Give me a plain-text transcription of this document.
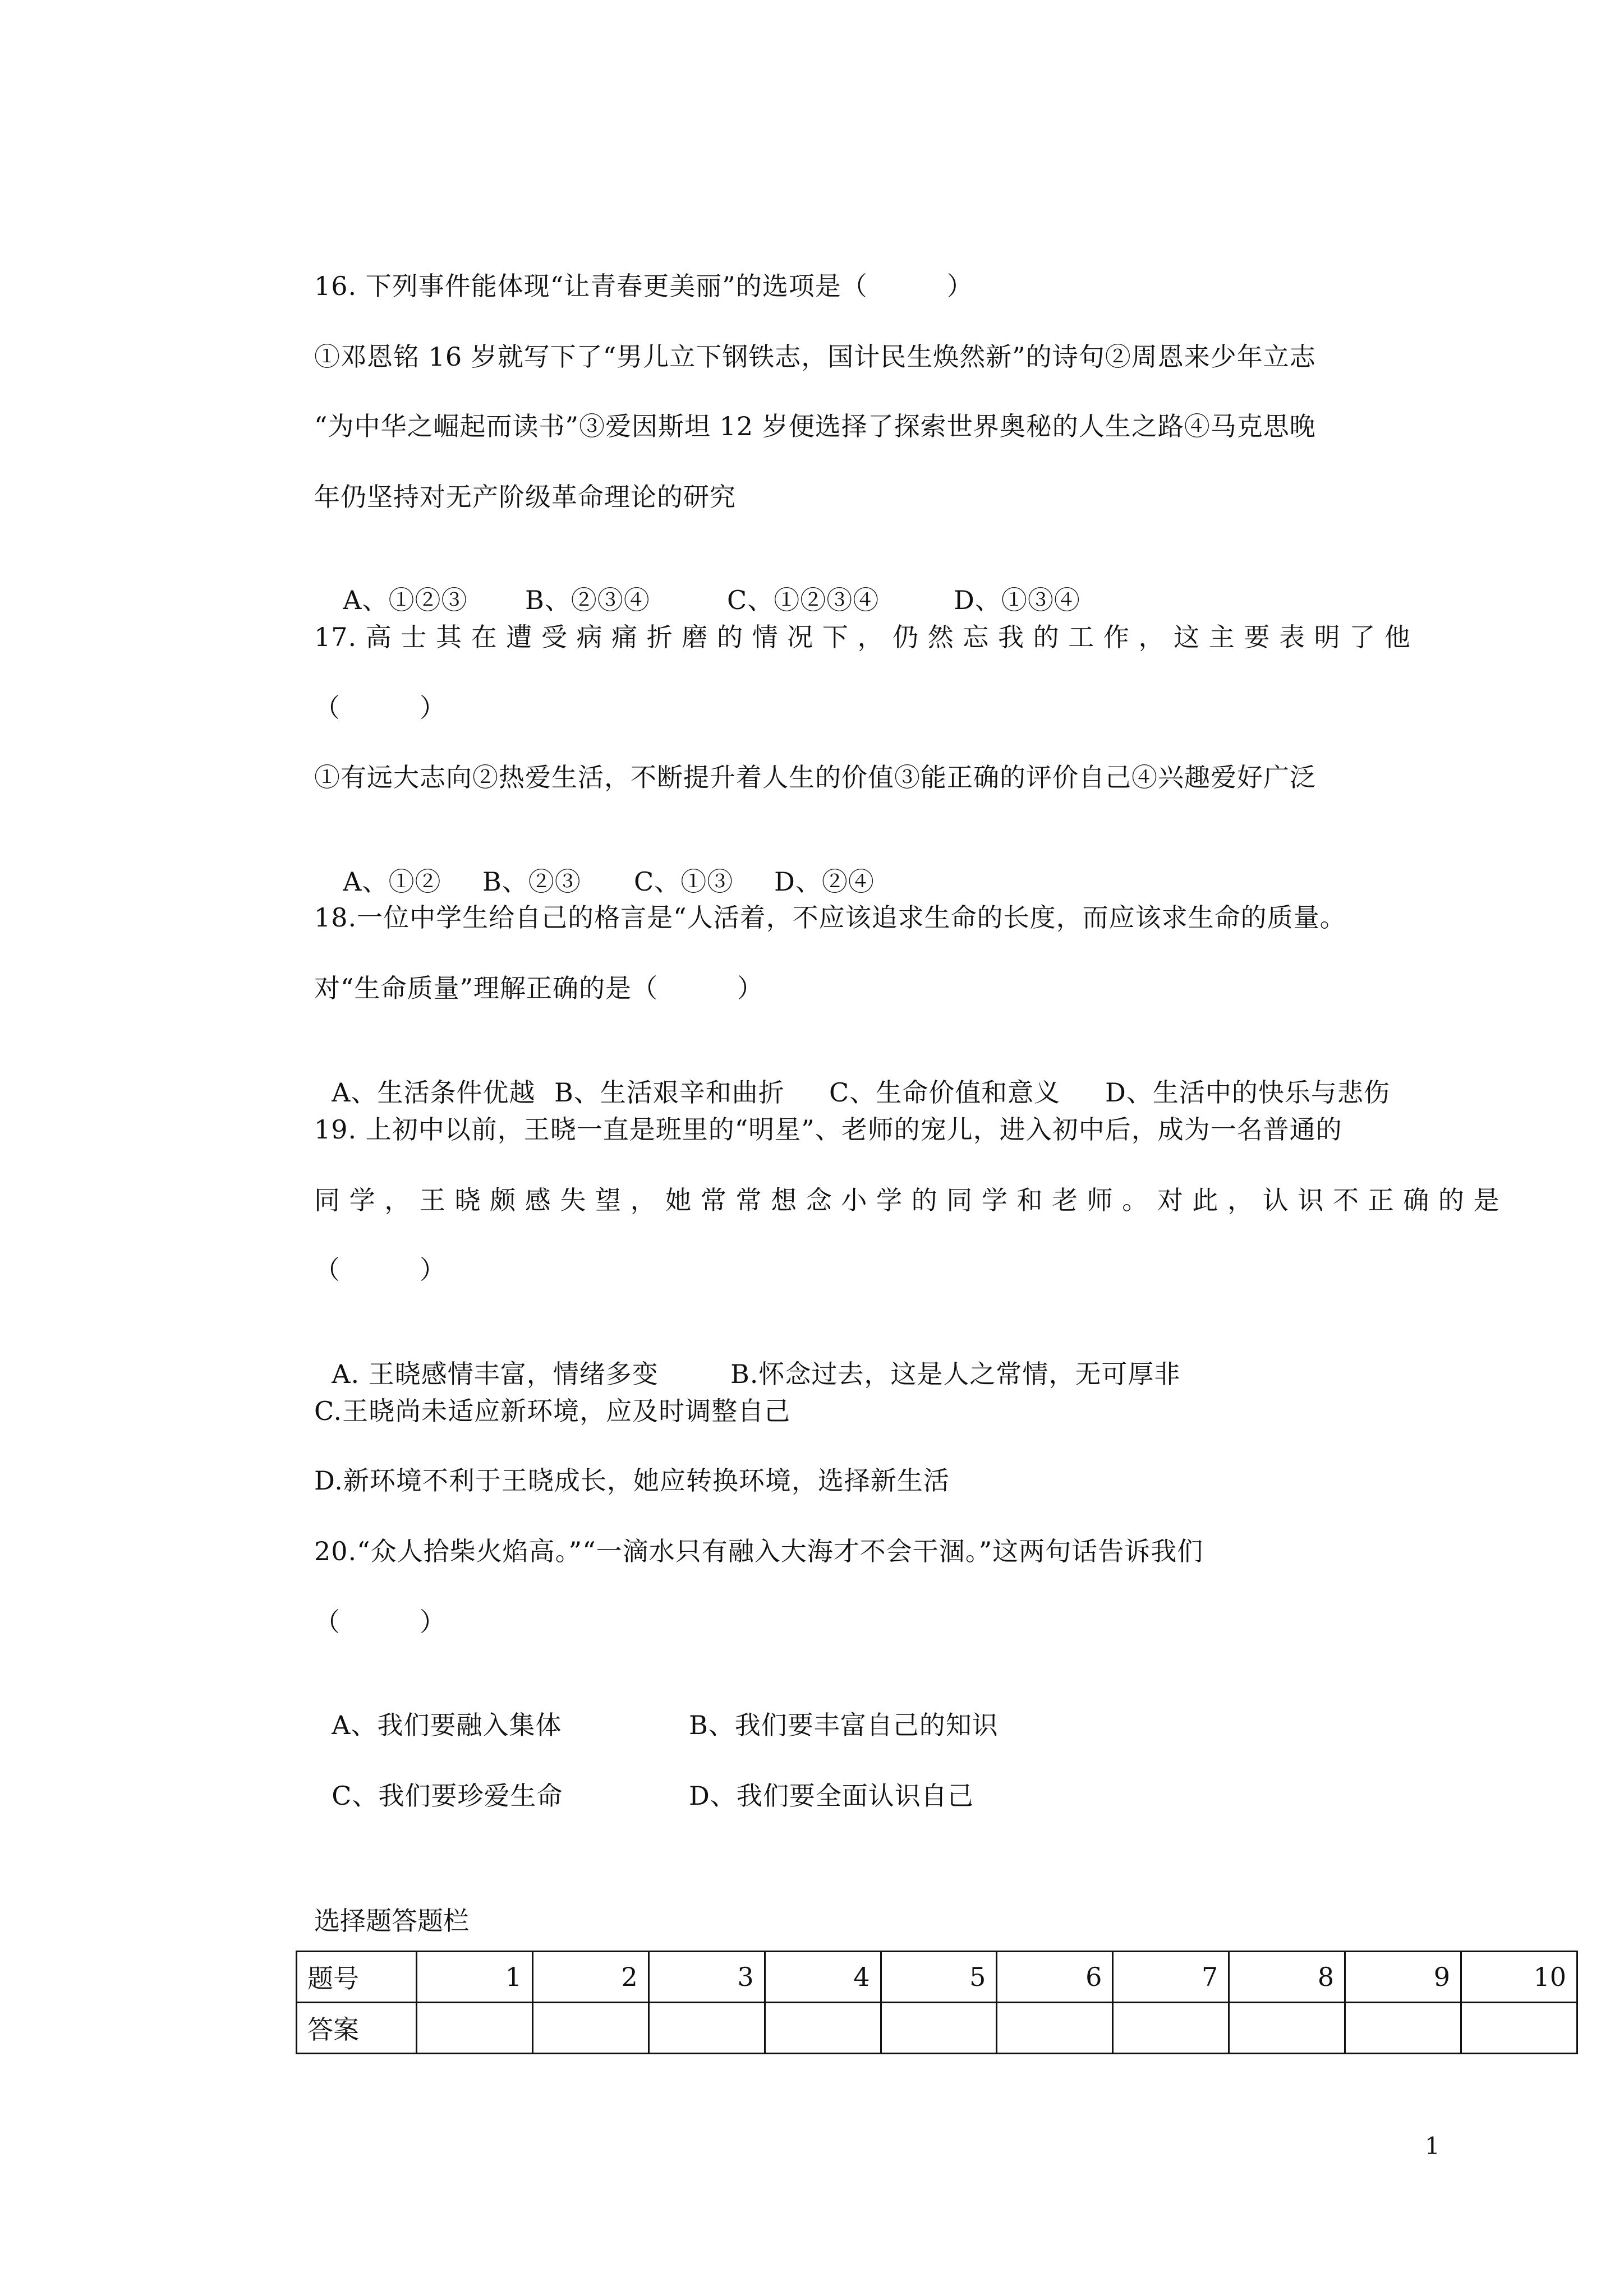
16. 下列事件能体现“让青春更美丽”的选项是（　　　）
①邓恩铭 16 岁就写下了“男儿立下钢铁志，国计民生焕然新”的诗句②周恩来少年立志
“为中华之崛起而读书”③爱因斯坦 12 岁便选择了探索世界奥秘的人生之路④马克思晚
年仍坚持对无产阶级革命理论的研究

A、①②③ B、②③④	C、①②③④	D、①③④

17. 高 士 其 在 遭 受 病 痛 折 磨 的 情 况 下 ， 仍 然 忘 我 的 工 作 ， 这 主 要 表 明 了 他
（　　　）
①有远大志向②热爱生活，不断提升着人生的价值③能正确的评价自己④兴趣爱好广泛

A、①② B、②③ C、①③ D、②④

18.一位中学生给自己的格言是“人活着，不应该追求生命的长度，而应该求生命的质量。
对“生命质量”理解正确的是（　　　）

A、生活条件优越 B、生活艰辛和曲折 C、生命价值和意义 D、生活中的快乐与悲伤

19. 上初中以前，王晓一直是班里的“明星”、老师的宠儿，进入初中后，成为一名普通的
同 学 ， 王 晓 颇 感 失 望 ， 她 常 常 想 念 小 学 的 同 学 和 老 师 。 对 此 ， 认 识 不 正 确 的 是
（　　　）

A. 王晓感情丰富，情绪多变	B.怀念过去，这是人之常情，无可厚非

C.王晓尚未适应新环境，应及时调整自己
D.新环境不利于王晓成长，她应转换环境，选择新生活
20.“众人拾柴火焰高。”“一滴水只有融入大海才不会干涸。”这两句话告诉我们
（　　　）

A、我们要融入集体	B、我们要丰富自己的知识

C、我们要珍爱生命	D、我们要全面认识自己

选择题答题栏
题号	1	2	3	4	5	6	7	8	9	10
答案										
1
